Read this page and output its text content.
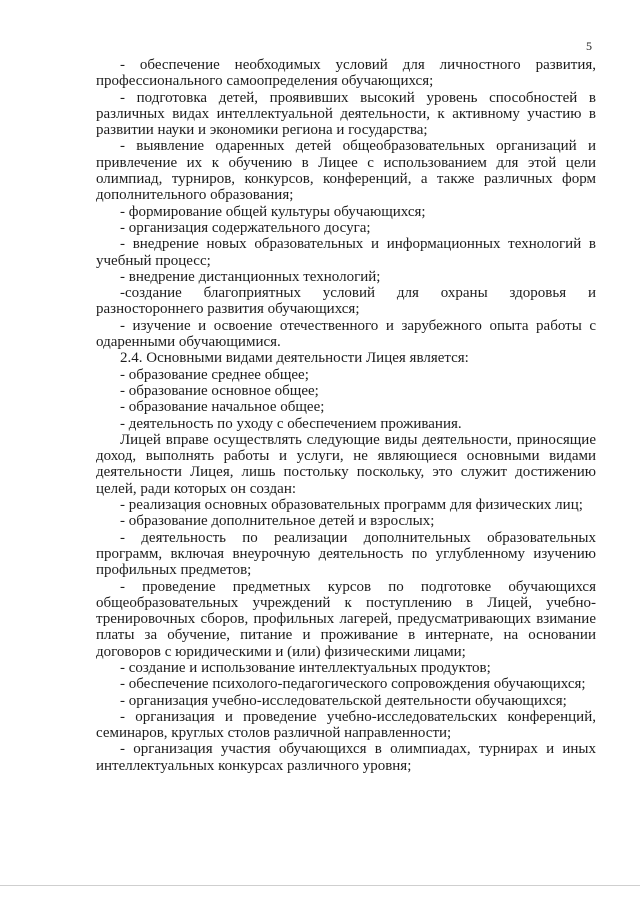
5

- обеспечение необходимых условий для личностного развития, профессионального самоопределения обучающихся;

- подготовка детей, проявивших высокий уровень способностей в различных видах интеллектуальной деятельности, к активному участию в развитии науки и экономики региона и государства;

- выявление одаренных детей общеобразовательных организаций и привлечение их к обучению в Лицее с использованием для этой цели олимпиад, турниров, конкурсов, конференций, а также различных форм дополнительного образования;

- формирование общей культуры обучающихся;

- организация содержательного досуга;

- внедрение новых образовательных и информационных технологий в учебный процесс;

- внедрение дистанционных технологий;

-создание благоприятных условий для охраны здоровья и разностороннего развития обучающихся;

- изучение и освоение отечественного и зарубежного опыта работы с одаренными обучающимися.

2.4. Основными видами деятельности Лицея является:

- образование среднее общее;

- образование основное общее;

- образование начальное общее;

- деятельность по уходу с обеспечением проживания.

Лицей вправе осуществлять следующие виды деятельности, приносящие доход, выполнять работы и услуги, не являющиеся основными видами деятельности Лицея, лишь постольку поскольку, это служит достижению целей, ради которых он создан:

- реализация основных образовательных программ для физических лиц;

- образование дополнительное детей и взрослых;

- деятельность по реализации дополнительных образовательных программ, включая внеурочную деятельность по углубленному изучению профильных предметов;

- проведение предметных курсов по подготовке обучающихся общеобразовательных учреждений к поступлению в Лицей, учебно-тренировочных сборов, профильных лагерей, предусматривающих взимание платы за обучение, питание и проживание в интернате, на основании договоров с юридическими и (или) физическими лицами;

- создание и использование интеллектуальных продуктов;

- обеспечение психолого-педагогического сопровождения обучающихся;

- организация учебно-исследовательской деятельности обучающихся;

- организация и проведение учебно-исследовательских конференций, семинаров, круглых столов различной направленности;

- организация участия обучающихся в олимпиадах, турнирах и иных интеллектуальных конкурсах различного уровня;
